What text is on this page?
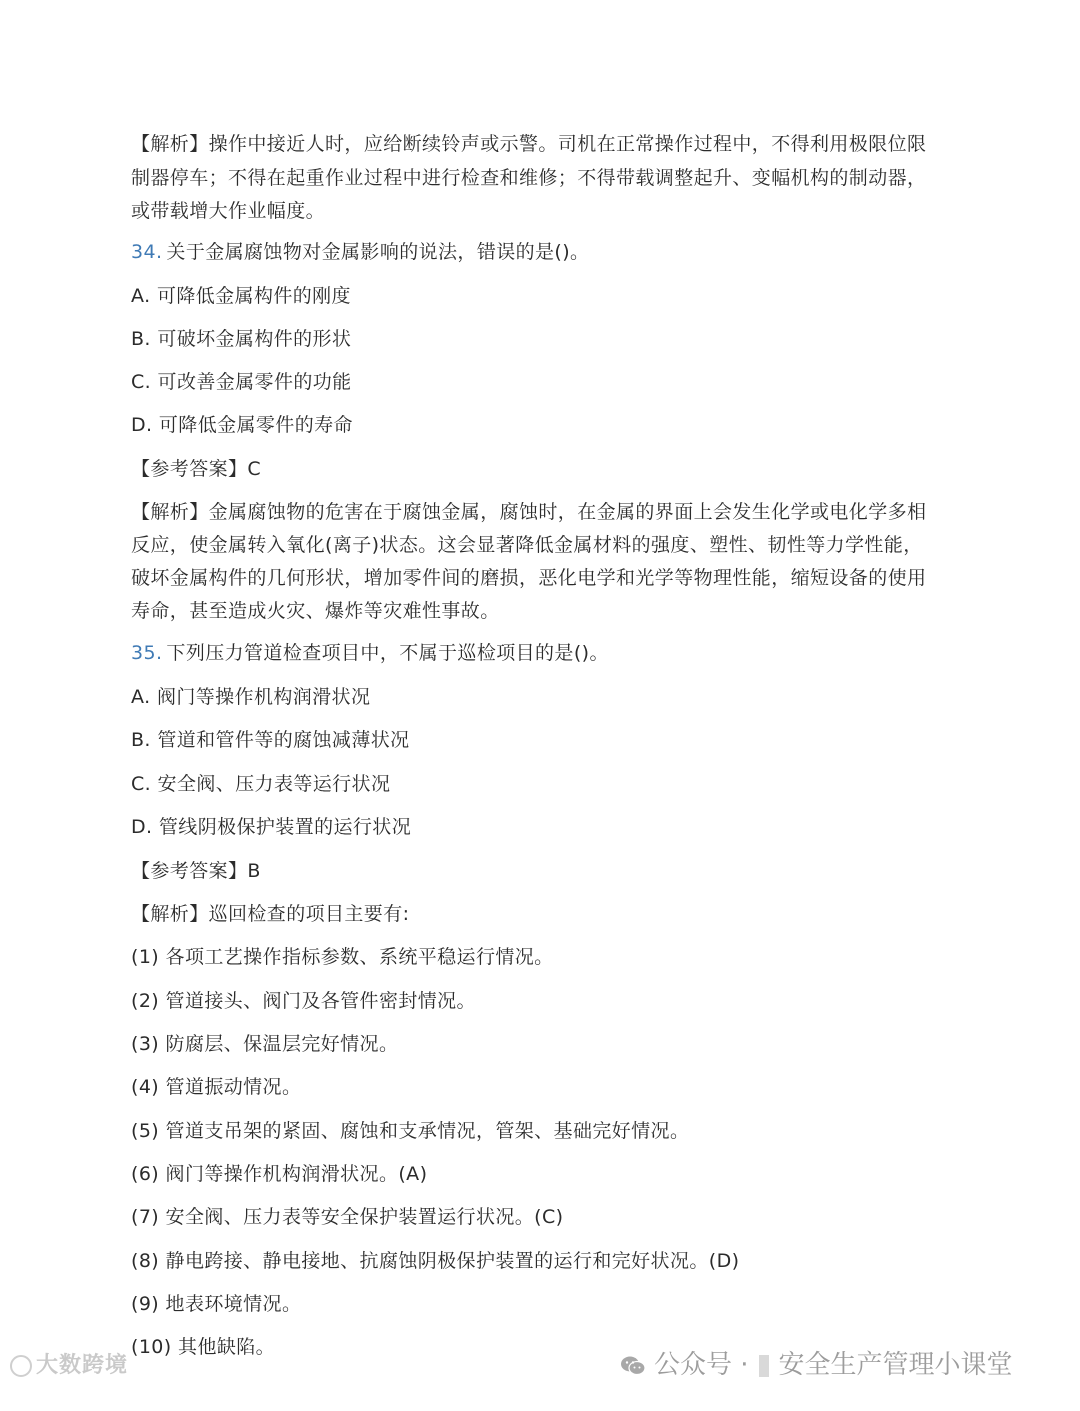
【解析】操作中接近人时，应给断续铃声或示警。司机在正常操作过程中，不得利用极限位限
制器停车；不得在起重作业过程中进行检查和维修；不得带载调整起升、变幅机构的制动器，
或带载增大作业幅度。
34. 关于金属腐蚀物对金属影响的说法，错误的是()。
A. 可降低金属构件的刚度
B. 可破坏金属构件的形状
C. 可改善金属零件的功能
D. 可降低金属零件的寿命
【参考答案】C
【解析】金属腐蚀物的危害在于腐蚀金属，腐蚀时，在金属的界面上会发生化学或电化学多相
反应，使金属转入氧化(离子)状态。这会显著降低金属材料的强度、塑性、韧性等力学性能，
破坏金属构件的几何形状，增加零件间的磨损，恶化电学和光学等物理性能，缩短设备的使用
寿命，甚至造成火灾、爆炸等灾难性事故。
35. 下列压力管道检查项目中，不属于巡检项目的是()。
A. 阀门等操作机构润滑状况
B. 管道和管件等的腐蚀减薄状况
C. 安全阀、压力表等运行状况
D. 管线阴极保护装置的运行状况
【参考答案】B
【解析】巡回检查的项目主要有:
(1) 各项工艺操作指标参数、系统平稳运行情况。
(2) 管道接头、阀门及各管件密封情况。
(3) 防腐层、保温层完好情况。
(4) 管道振动情况。
(5) 管道支吊架的紧固、腐蚀和支承情况，管架、基础完好情况。
(6) 阀门等操作机构润滑状况。(A)
(7) 安全阀、压力表等安全保护装置运行状况。(C)
(8) 静电跨接、静电接地、抗腐蚀阴极保护装置的运行和完好状况。(D)
(9) 地表环境情况。
(10) 其他缺陷。
大数跨境	公众号 · 安全生产管理小课堂
